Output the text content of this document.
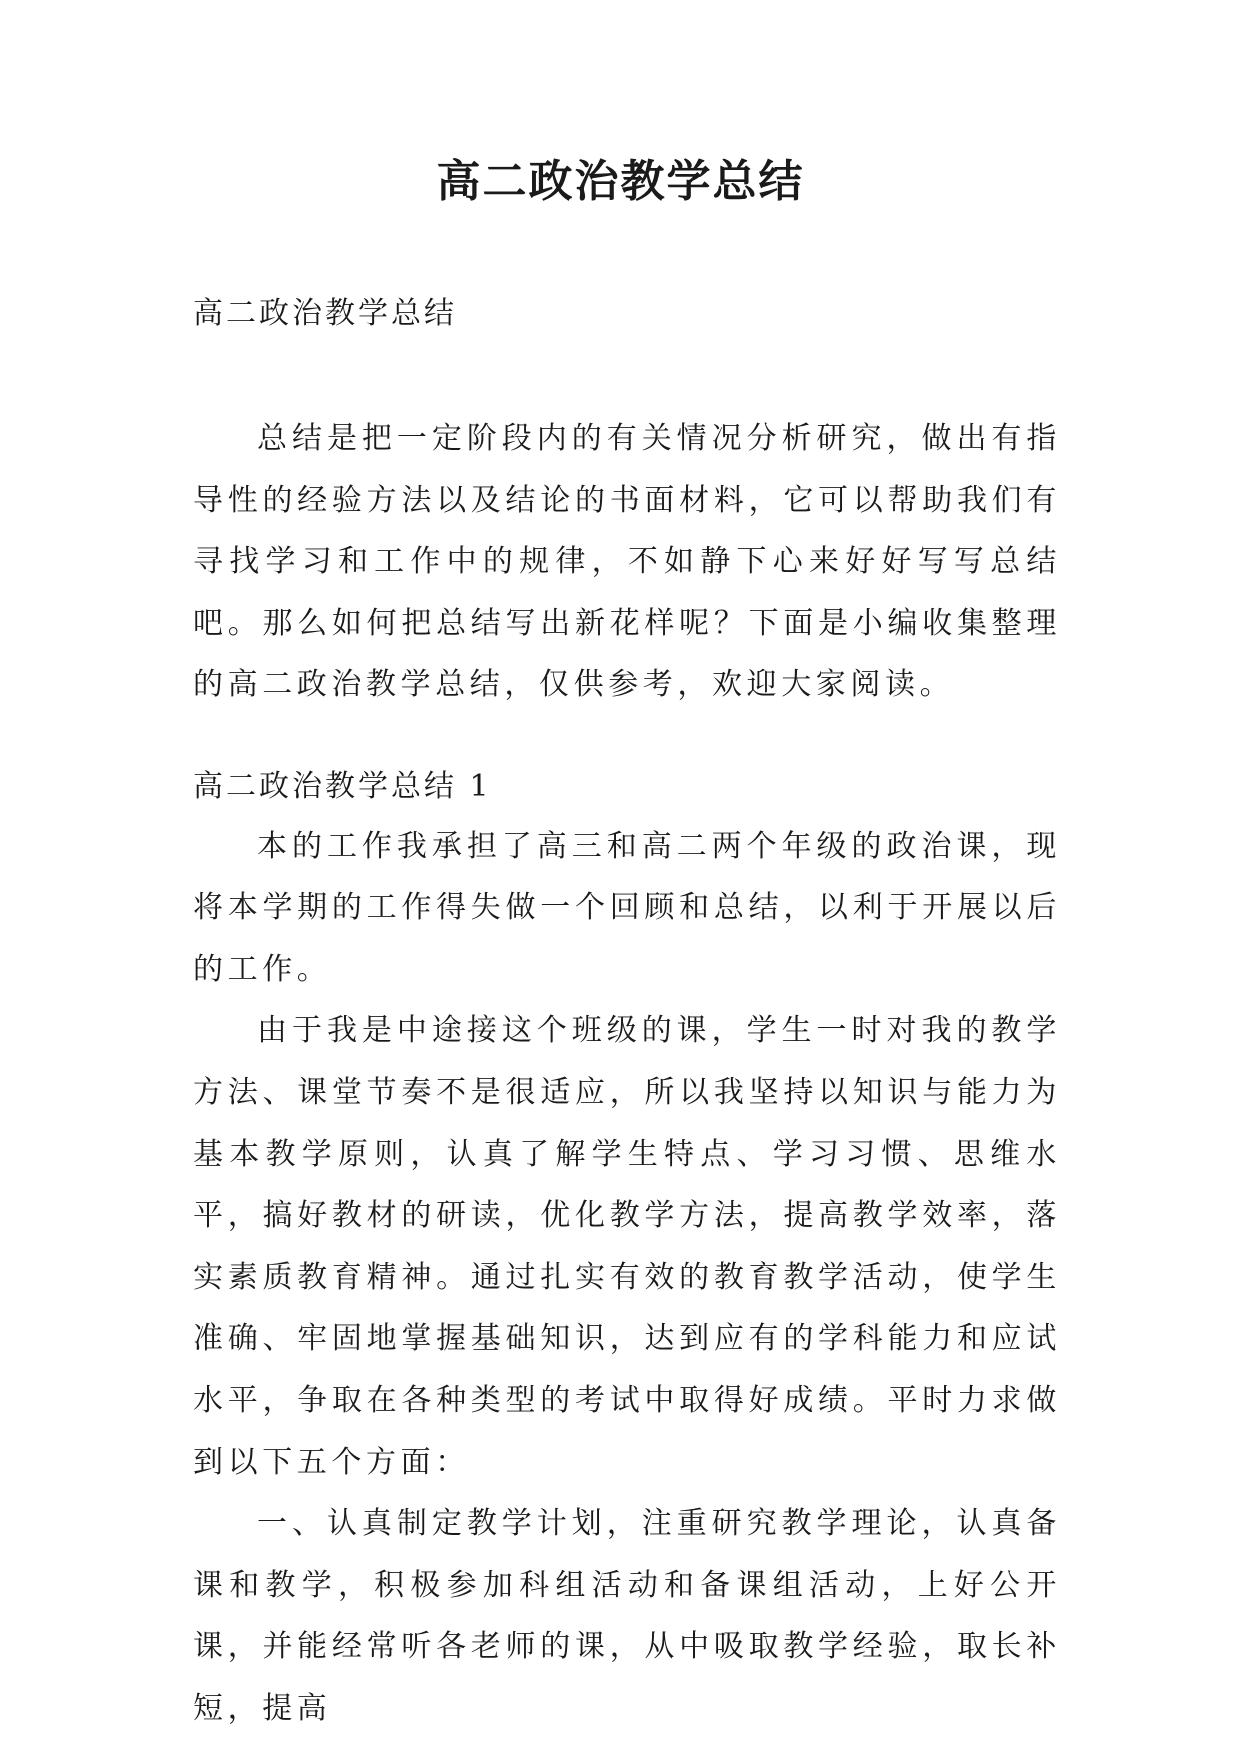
高二政治教学总结

高二政治教学总结

总结是把一定阶段内的有关情况分析研究，做出有指导性的经验方法以及结论的书面材料，它可以帮助我们有寻找学习和工作中的规律，不如静下心来好好写写总结吧。那么如何把总结写出新花样呢？下面是小编收集整理的高二政治教学总结，仅供参考，欢迎大家阅读。

高二政治教学总结 1

本的工作我承担了高三和高二两个年级的政治课，现将本学期的工作得失做一个回顾和总结，以利于开展以后的工作。

由于我是中途接这个班级的课，学生一时对我的教学方法、课堂节奏不是很适应，所以我坚持以知识与能力为基本教学原则，认真了解学生特点、学习习惯、思维水平，搞好教材的研读，优化教学方法，提高教学效率，落实素质教育精神。通过扎实有效的教育教学活动，使学生准确、牢固地掌握基础知识，达到应有的学科能力和应试水平，争取在各种类型的考试中取得好成绩。平时力求做到以下五个方面：

一、认真制定教学计划，注重研究教学理论，认真备课和教学，积极参加科组活动和备课组活动，上好公开课，并能经常听各老师的课，从中吸取教学经验，取长补短，提高
